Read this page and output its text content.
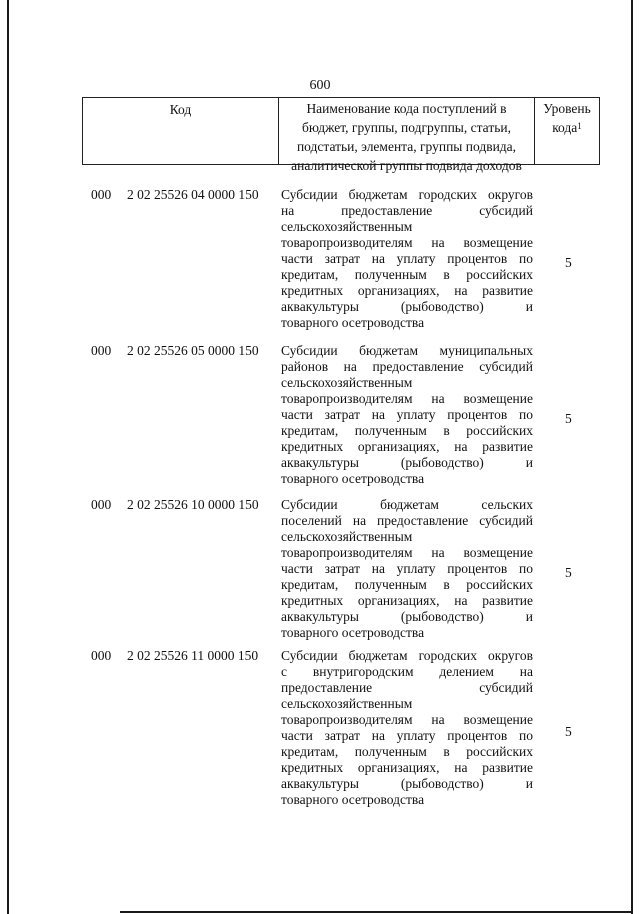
600
Код	Наименование кода поступлений в
бюджет, группы, подгруппы, статьи,
подстатьи, элемента, группы подвида,
аналитической группы подвида доходов
Уровень
кода$^1$
000 2 02 25526 04 0000 150 Субсидии бюджетам городских округов
на предоставление субсидий
сельскохозяйственным
товаропроизводителям на возмещение
части затрат на уплату процентов по
кредитам, полученным в российских
кредитных организациях, на развитие
аквакультуры (рыбоводство) и
товарного осетроводства
5
000 2 02 25526 05 0000 150 Субсидии бюджетам муниципальных
районов на предоставление субсидий
сельскохозяйственным
товаропроизводителям на возмещение
части затрат на уплату процентов по
кредитам, полученным в российских
кредитных организациях, на развитие
аквакультуры (рыбоводство) и
товарного осетроводства
5
000 2 02 25526 10 0000 150 Субсидии бюджетам сельских
поселений на предоставление субсидий
сельскохозяйственным
товаропроизводителям на возмещение
части затрат на уплату процентов по
кредитам, полученным в российских
кредитных организациях, на развитие
аквакультуры (рыбоводство) и
товарного осетроводства
5
000 2 02 25526 11 0000 150 Субсидии бюджетам городских округов
с внутригородским делением на
предоставление субсидий
сельскохозяйственным
товаропроизводителям на возмещение
части затрат на уплату процентов по
кредитам, полученным в российских
кредитных организациях, на развитие
аквакультуры (рыбоводство) и
товарного осетроводства
5
